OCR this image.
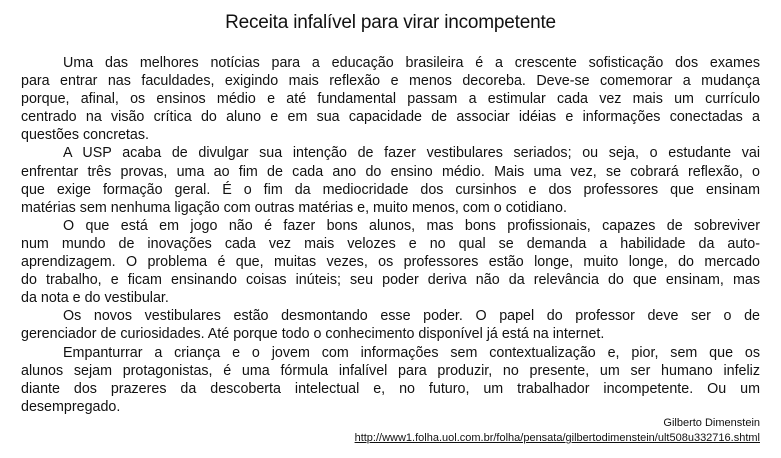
Receita infalível para virar incompetente
Uma das melhores notícias para a educação brasileira é a crescente sofisticação dos exames
para entrar nas faculdades, exigindo mais reflexão e menos decoreba. Deve-se comemorar a mudança
porque, afinal, os ensinos médio e até fundamental passam a estimular cada vez mais um currículo
centrado na visão crítica do aluno e em sua capacidade de associar idéias e informações conectadas a
questões concretas.
A USP acaba de divulgar sua intenção de fazer vestibulares seriados; ou seja, o estudante vai
enfrentar três provas, uma ao fim de cada ano do ensino médio. Mais uma vez, se cobrará reflexão, o
que exige formação geral. É o fim da mediocridade dos cursinhos e dos professores que ensinam
matérias sem nenhuma ligação com outras matérias e, muito menos, com o cotidiano.
O que está em jogo não é fazer bons alunos, mas bons profissionais, capazes de sobreviver
num mundo de inovações cada vez mais velozes e no qual se demanda a habilidade da auto-
aprendizagem. O problema é que, muitas vezes, os professores estão longe, muito longe, do mercado
do trabalho, e ficam ensinando coisas inúteis; seu poder deriva não da relevância do que ensinam, mas
da nota e do vestibular.
Os novos vestibulares estão desmontando esse poder. O papel do professor deve ser o de
gerenciador de curiosidades. Até porque todo o conhecimento disponível já está na internet.
Empanturrar a criança e o jovem com informações sem contextualização e, pior, sem que os
alunos sejam protagonistas, é uma fórmula infalível para produzir, no presente, um ser humano infeliz
diante dos prazeres da descoberta intelectual e, no futuro, um trabalhador incompetente. Ou um
desempregado.
Gilberto Dimenstein
http://www1.folha.uol.com.br/folha/pensata/gilbertodimenstein/ult508u332716.shtml
